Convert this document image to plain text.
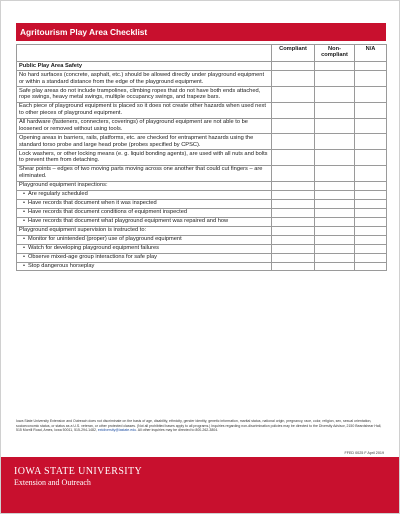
Agritourism Play Area Checklist
	Compliant	Non-compliant	N/A
Public Play Area Safety			
No hard surfaces (concrete, asphalt, etc.) should be allowed directly under playground equipment or within a standard distance from the edge of the playground equipment.			
Safe play areas do not include trampolines, climbing ropes that do not have both ends attached, rope swings, heavy metal swings, multiple occupancy swings, and trapeze bars.			
Each piece of playground equipment is placed so it does not create other hazards when used next to other pieces of playground equipment.			
All hardware (fasteners, connecters, coverings) of playground equipment are not able to be loosened or removed without using tools.			
Opening areas in barriers, rails, platforms, etc. are checked for entrapment hazards using the standard torso probe and large head probe (probes specified by CPSC).			
Lock washers, or other locking means (e. g. liquid bonding agents), are used with all nuts and bolts to prevent them from detaching.			
Shear points – edges of two moving parts moving across one another that could cut fingers – are eliminated.			
Playground equipment inspections:			
• Are regularly scheduled			
• Have records that document when it was inspected			
• Have records that document conditions of equipment inspected			
• Have records that document what playground equipment was repaired and how			
Playground equipment supervision is instructed to:			
• Monitor for unintended (proper) use of playground equipment			
• Watch for developing playground equipment failures			
• Observe mixed-age group interactions for safe play			
• Stop dangerous horseplay			
Iowa State University Extension and Outreach does not discriminate on the basis of age, disability, ethnicity, gender identity, genetic information, marital status, national origin, pregnancy, race, color, religion, sex, sexual orientation, socioeconomic status, or status as a U.S. veteran, or other protected classes. (Not all prohibited bases apply to all programs.) Inquiries regarding non-discrimination policies may be directed to the Diversity Advisor, 2150 Beardshear Hall, 515 Morrill Road, Ames, Iowa 50011, 515-294-1482, extdiversity@iastate.edu. All other inquiries may be directed to 800-262-3804.
FFED 0025 F April 2019
IOWA STATE UNIVERSITY
Extension and Outreach
